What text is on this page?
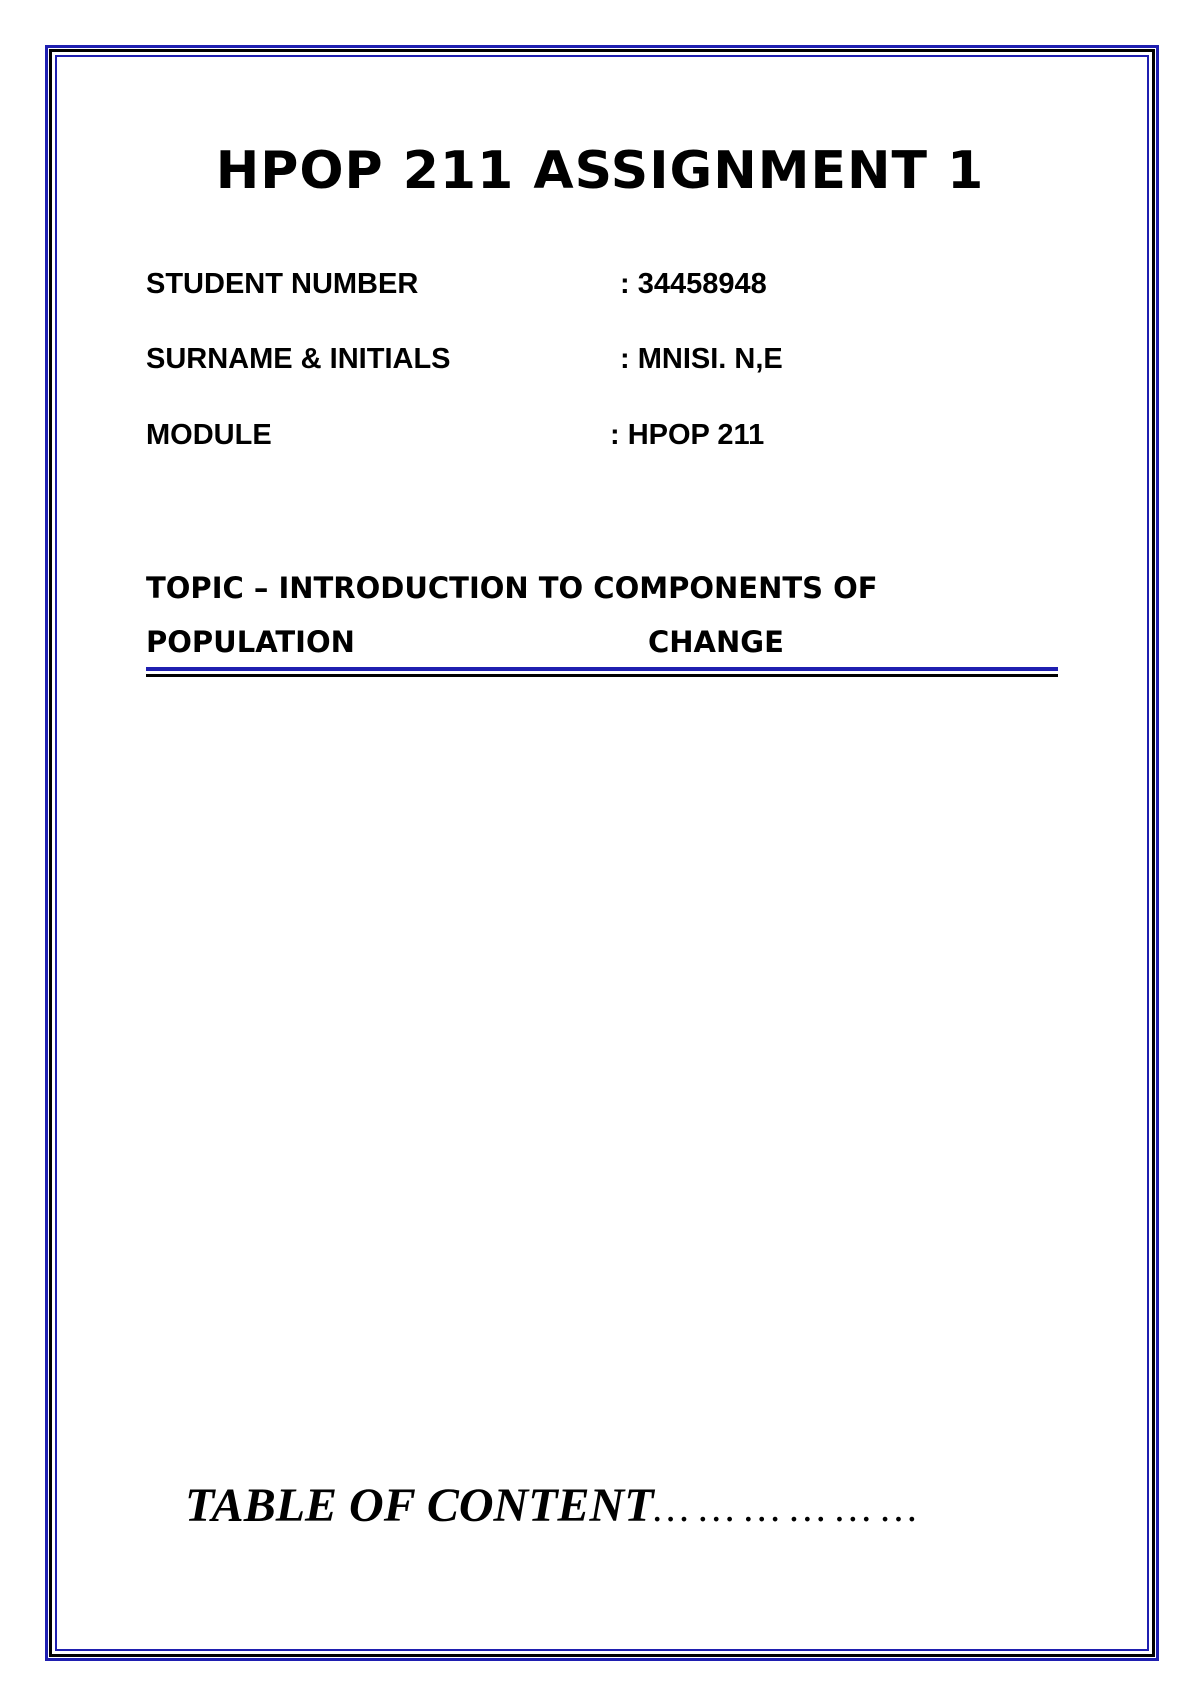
HPOP 211 ASSIGNMENT 1
STUDENT NUMBER	: 34458948
SURNAME & INITIALS	: MNISI. N,E
MODULE	: HPOP 211
TOPIC – INTRODUCTION TO COMPONENTS OF
POPULATION	CHANGE
TABLE OF CONTENT… … … … … …
